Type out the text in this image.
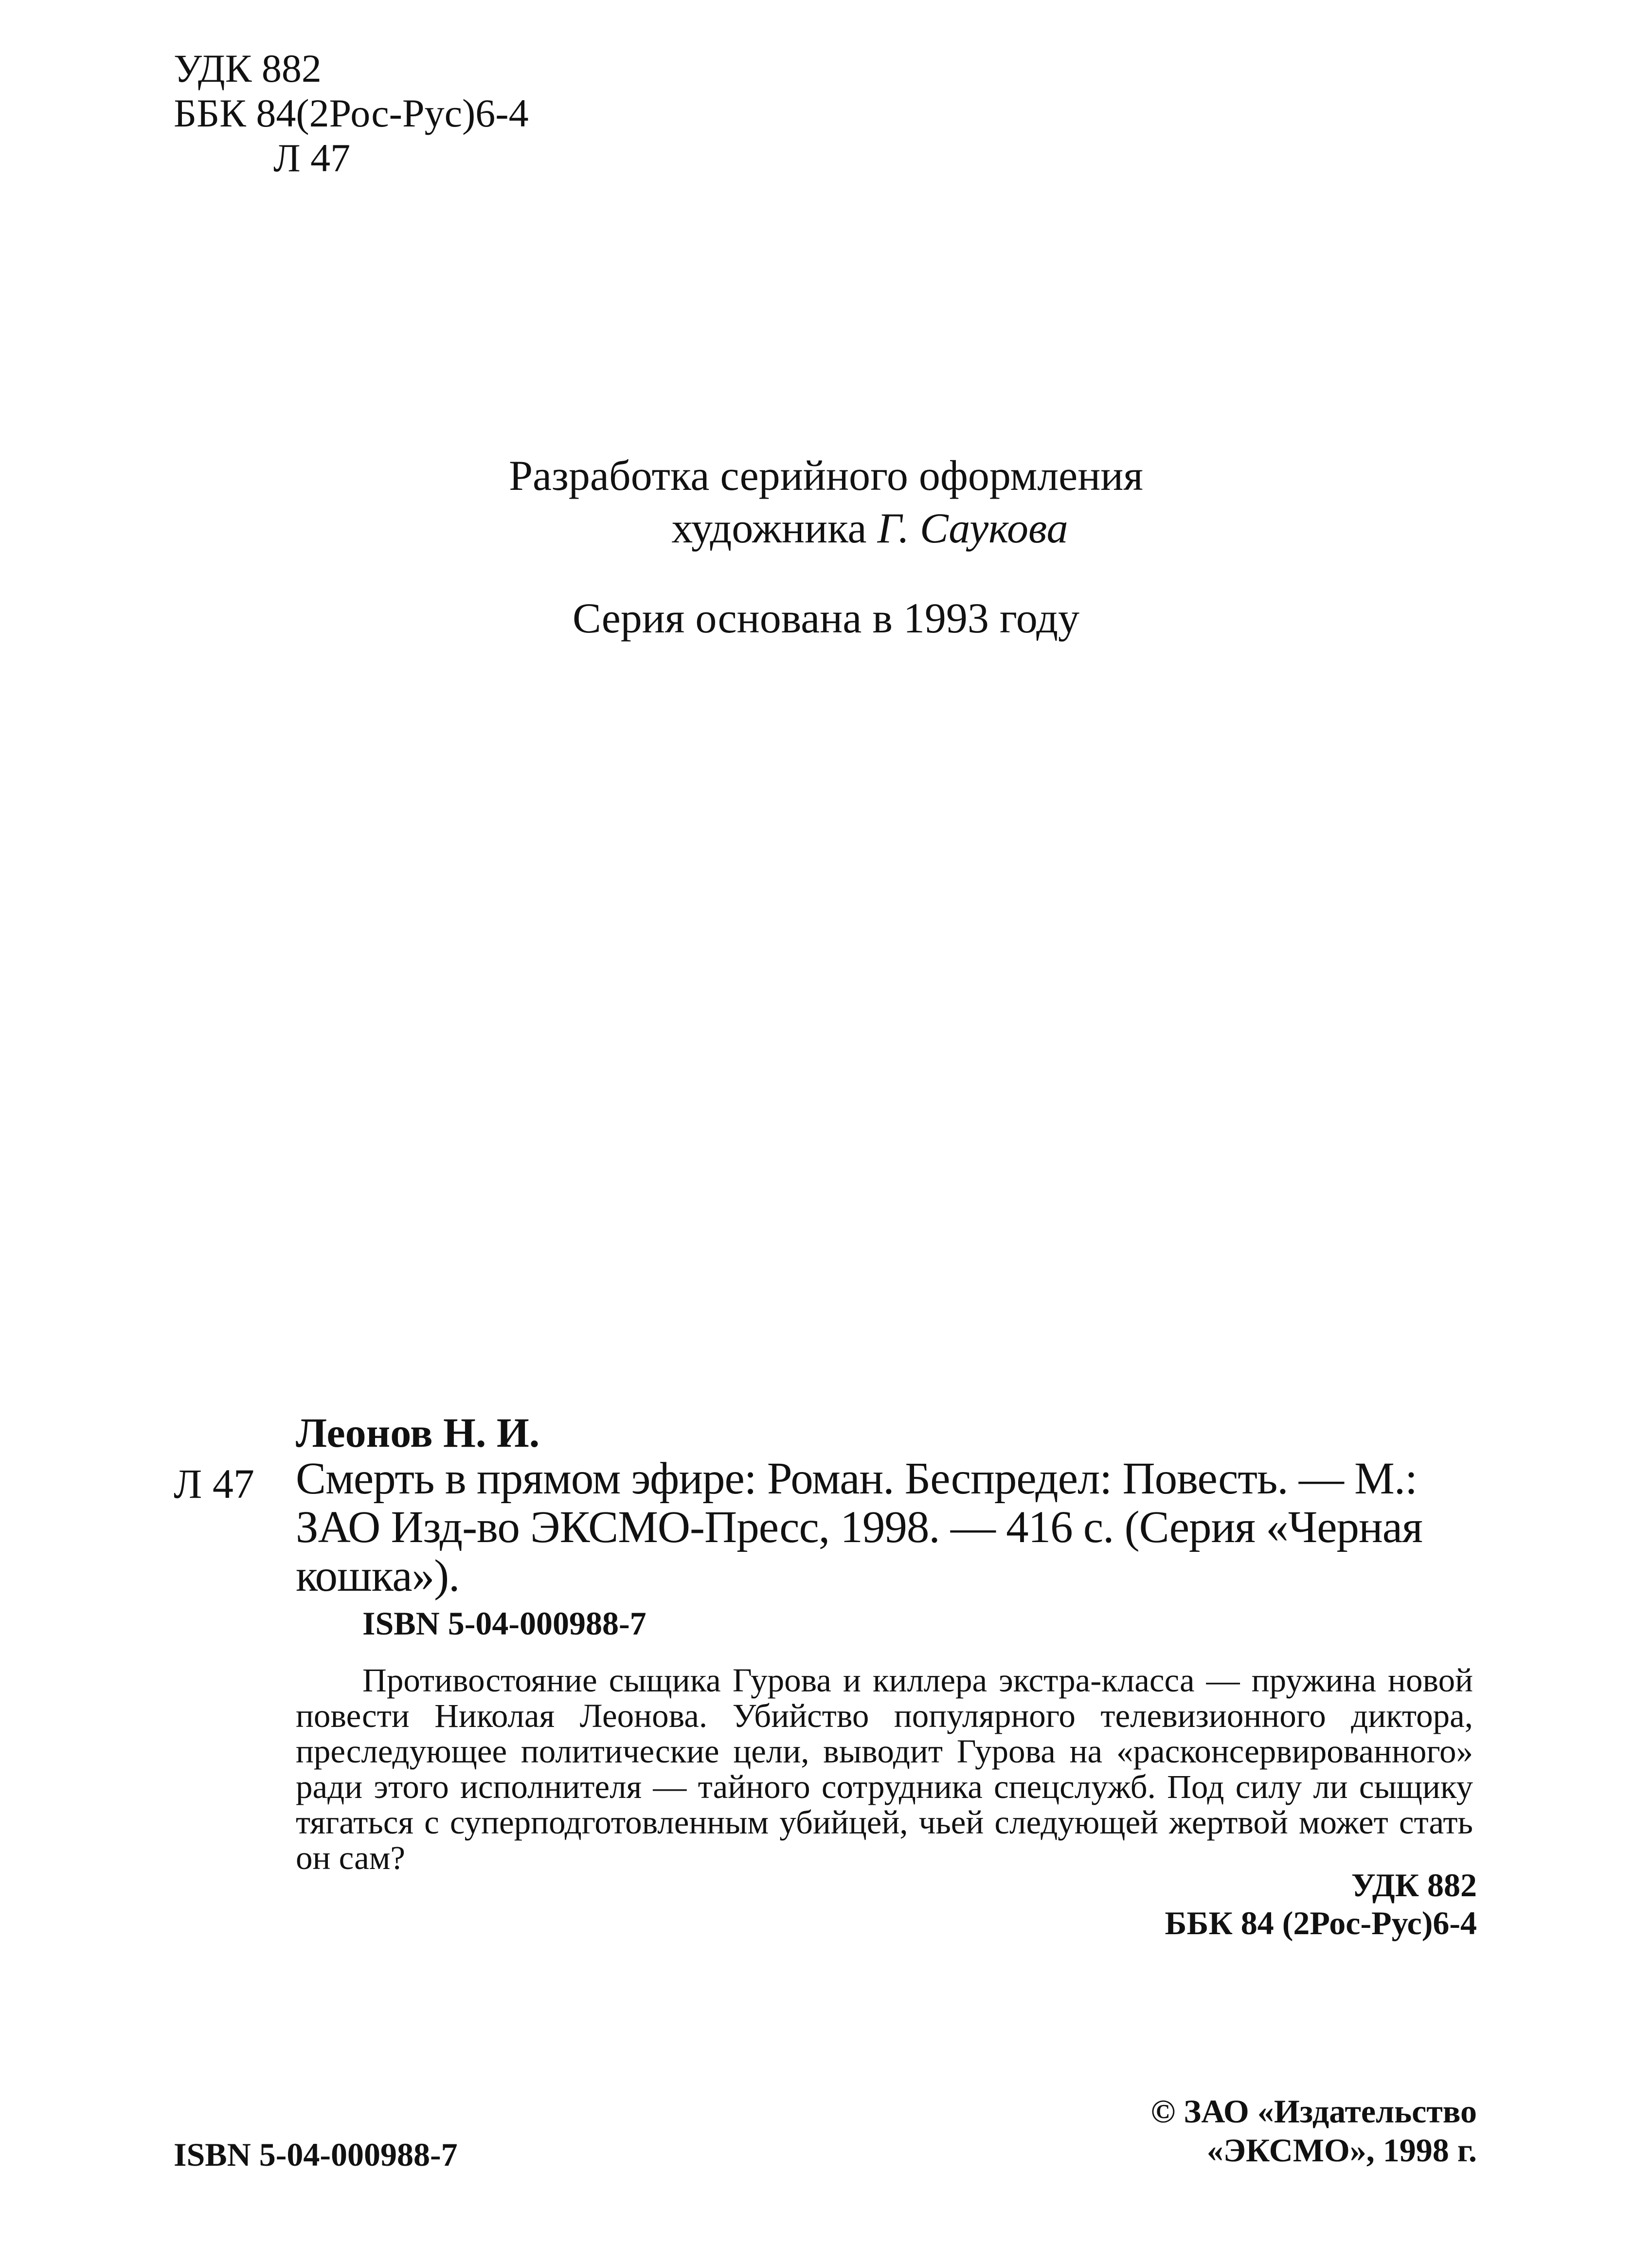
УДК 882
ББК 84(2Рос-Рус)6-4
Л 47
Разработка серийного оформления
художника Г. Саукова
Серия основана в 1993 году
Леонов Н. И.
Л 47 Смерть в прямом эфире: Роман. Беспредел: Повесть. — М.: ЗАО Изд-во ЭКСМО-Пресс, 1998. — 416 с. (Серия «Черная кошка»).
ISBN 5-04-000988-7
Противостояние сыщика Гурова и киллера экстра-класса — пружина новой повести Николая Леонова. Убийство популярного телевизионного диктора, преследующее политические цели, выводит Гурова на «расконсервированного» ради этого исполнителя — тайного сотрудника спецслужб. Под силу ли сыщику тягаться с суперподготовленным убийцей, чьей следующей жертвой может стать он сам?
УДК 882
ББК 84 (2Рос-Рус)6-4
ISBN 5-04-000988-7
© ЗАО «Издательство
«ЭКСМО», 1998 г.
